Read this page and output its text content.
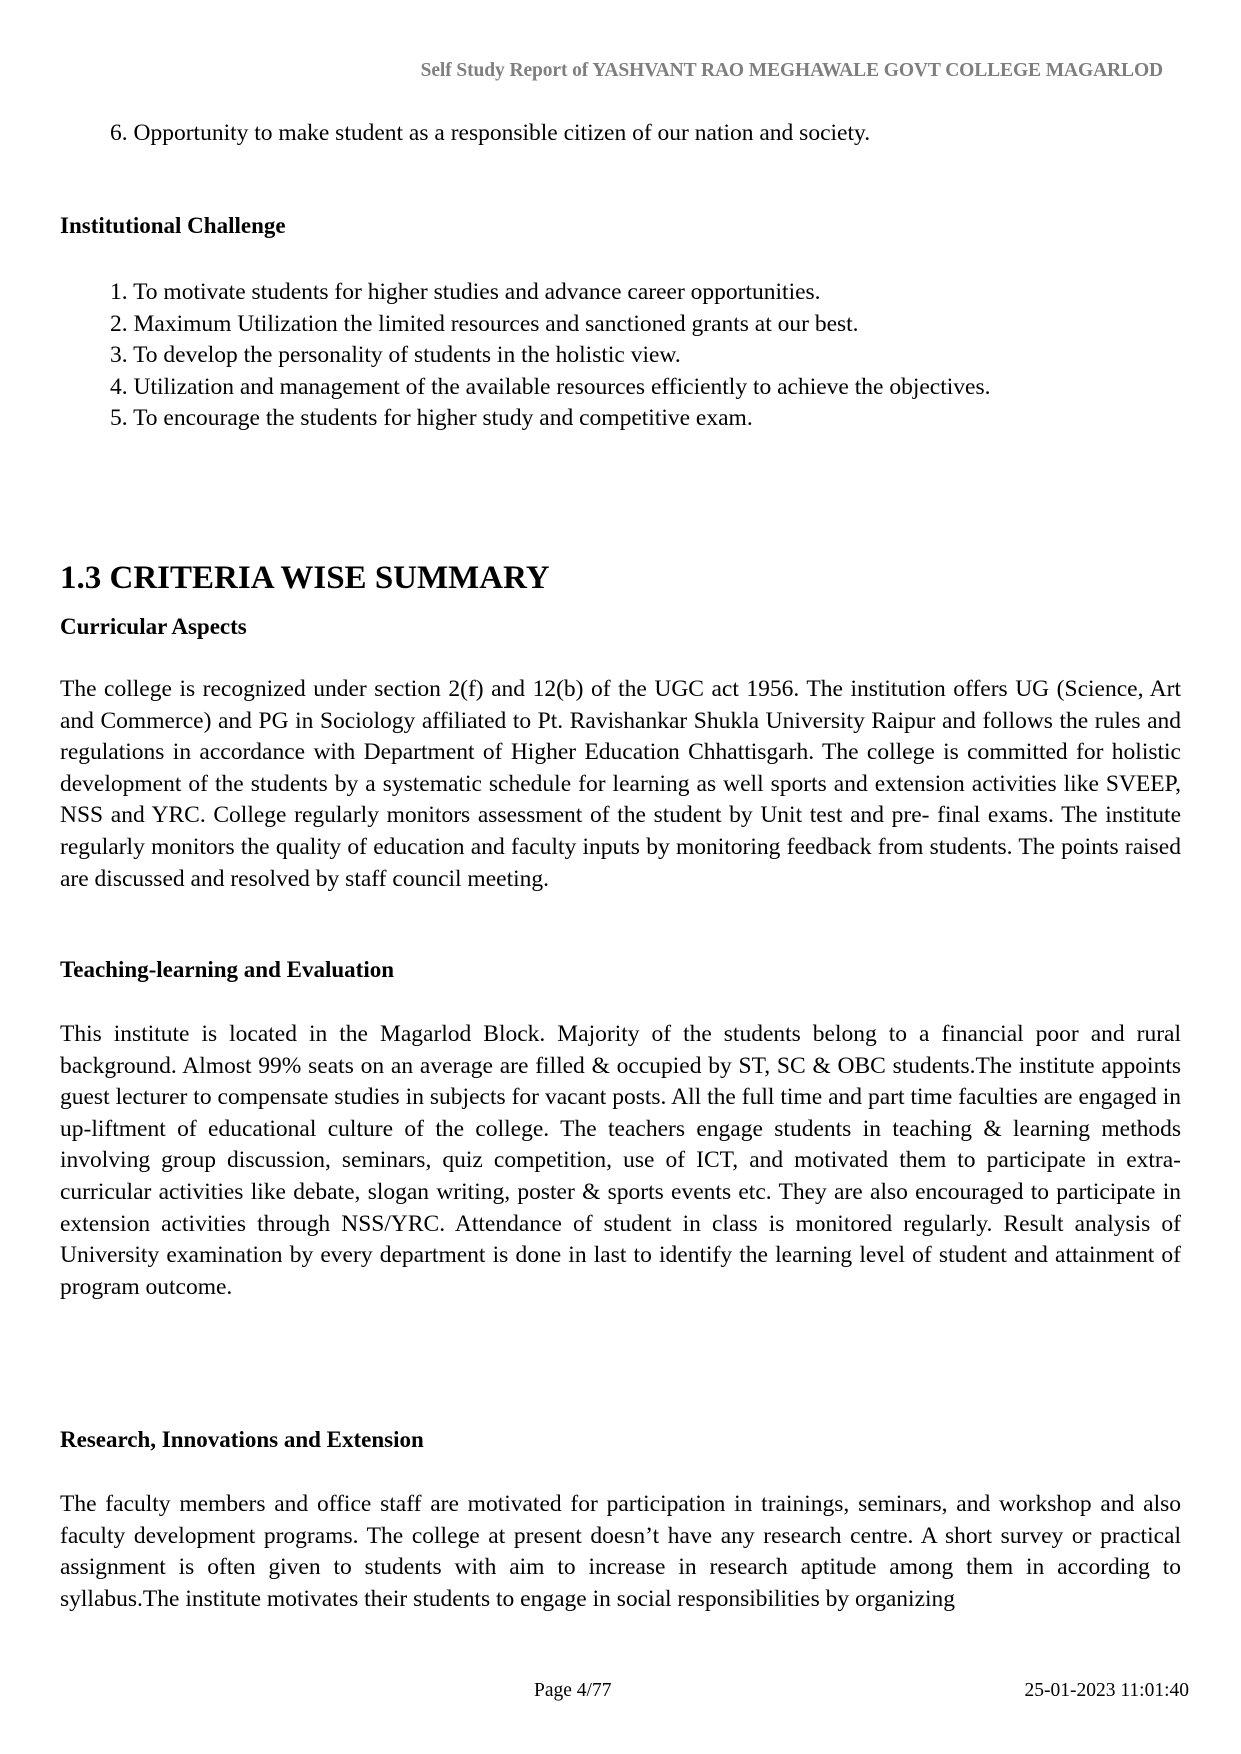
Self Study Report of YASHVANT RAO MEGHAWALE GOVT COLLEGE MAGARLOD
6. Opportunity to make student as a responsible citizen of our nation and society.
Institutional Challenge
1. To motivate students for higher studies and advance career opportunities.
2. Maximum Utilization the limited resources and sanctioned grants at our best.
3. To develop the personality of students in the holistic view.
4. Utilization and management of the available resources efficiently to achieve the objectives.
5. To encourage the students for higher study and competitive exam.
1.3 CRITERIA WISE SUMMARY
Curricular Aspects
The college is recognized under section 2(f) and 12(b) of the UGC act 1956. The institution offers UG (Science, Art and Commerce) and PG in Sociology affiliated to Pt. Ravishankar Shukla University Raipur and follows the rules and regulations in accordance with Department of Higher Education Chhattisgarh. The college is committed for holistic development of the students by a systematic schedule for learning as well sports and extension activities like SVEEP, NSS and YRC. College regularly monitors assessment of the student by Unit test and pre- final exams. The institute regularly monitors the quality of education and faculty inputs by monitoring feedback from students. The points raised are discussed and resolved by staff council meeting.
Teaching-learning and Evaluation
This institute is located in the Magarlod Block. Majority of the students belong to a financial poor and rural background. Almost 99% seats on an average are filled & occupied by ST, SC & OBC students.The institute appoints guest lecturer to compensate studies in subjects for vacant posts. All the full time and part time faculties are engaged in up-liftment of educational culture of the college. The teachers engage students in teaching & learning methods involving group discussion, seminars, quiz competition, use of ICT, and motivated them to participate in extra-curricular activities like debate, slogan writing, poster & sports events etc. They are also encouraged to participate in extension activities through NSS/YRC. Attendance of student in class is monitored regularly. Result analysis of University examination by every department is done in last to identify the learning level of student and attainment of program outcome.
Research, Innovations and Extension
The faculty members and office staff are motivated for participation in trainings, seminars, and workshop and also faculty development programs. The college at present doesn’t have any research centre. A short survey or practical assignment is often given to students with aim to increase in research aptitude among them in according to syllabus.The institute motivates their students to engage in social responsibilities by organizing
Page 4/77	25-01-2023 11:01:40
